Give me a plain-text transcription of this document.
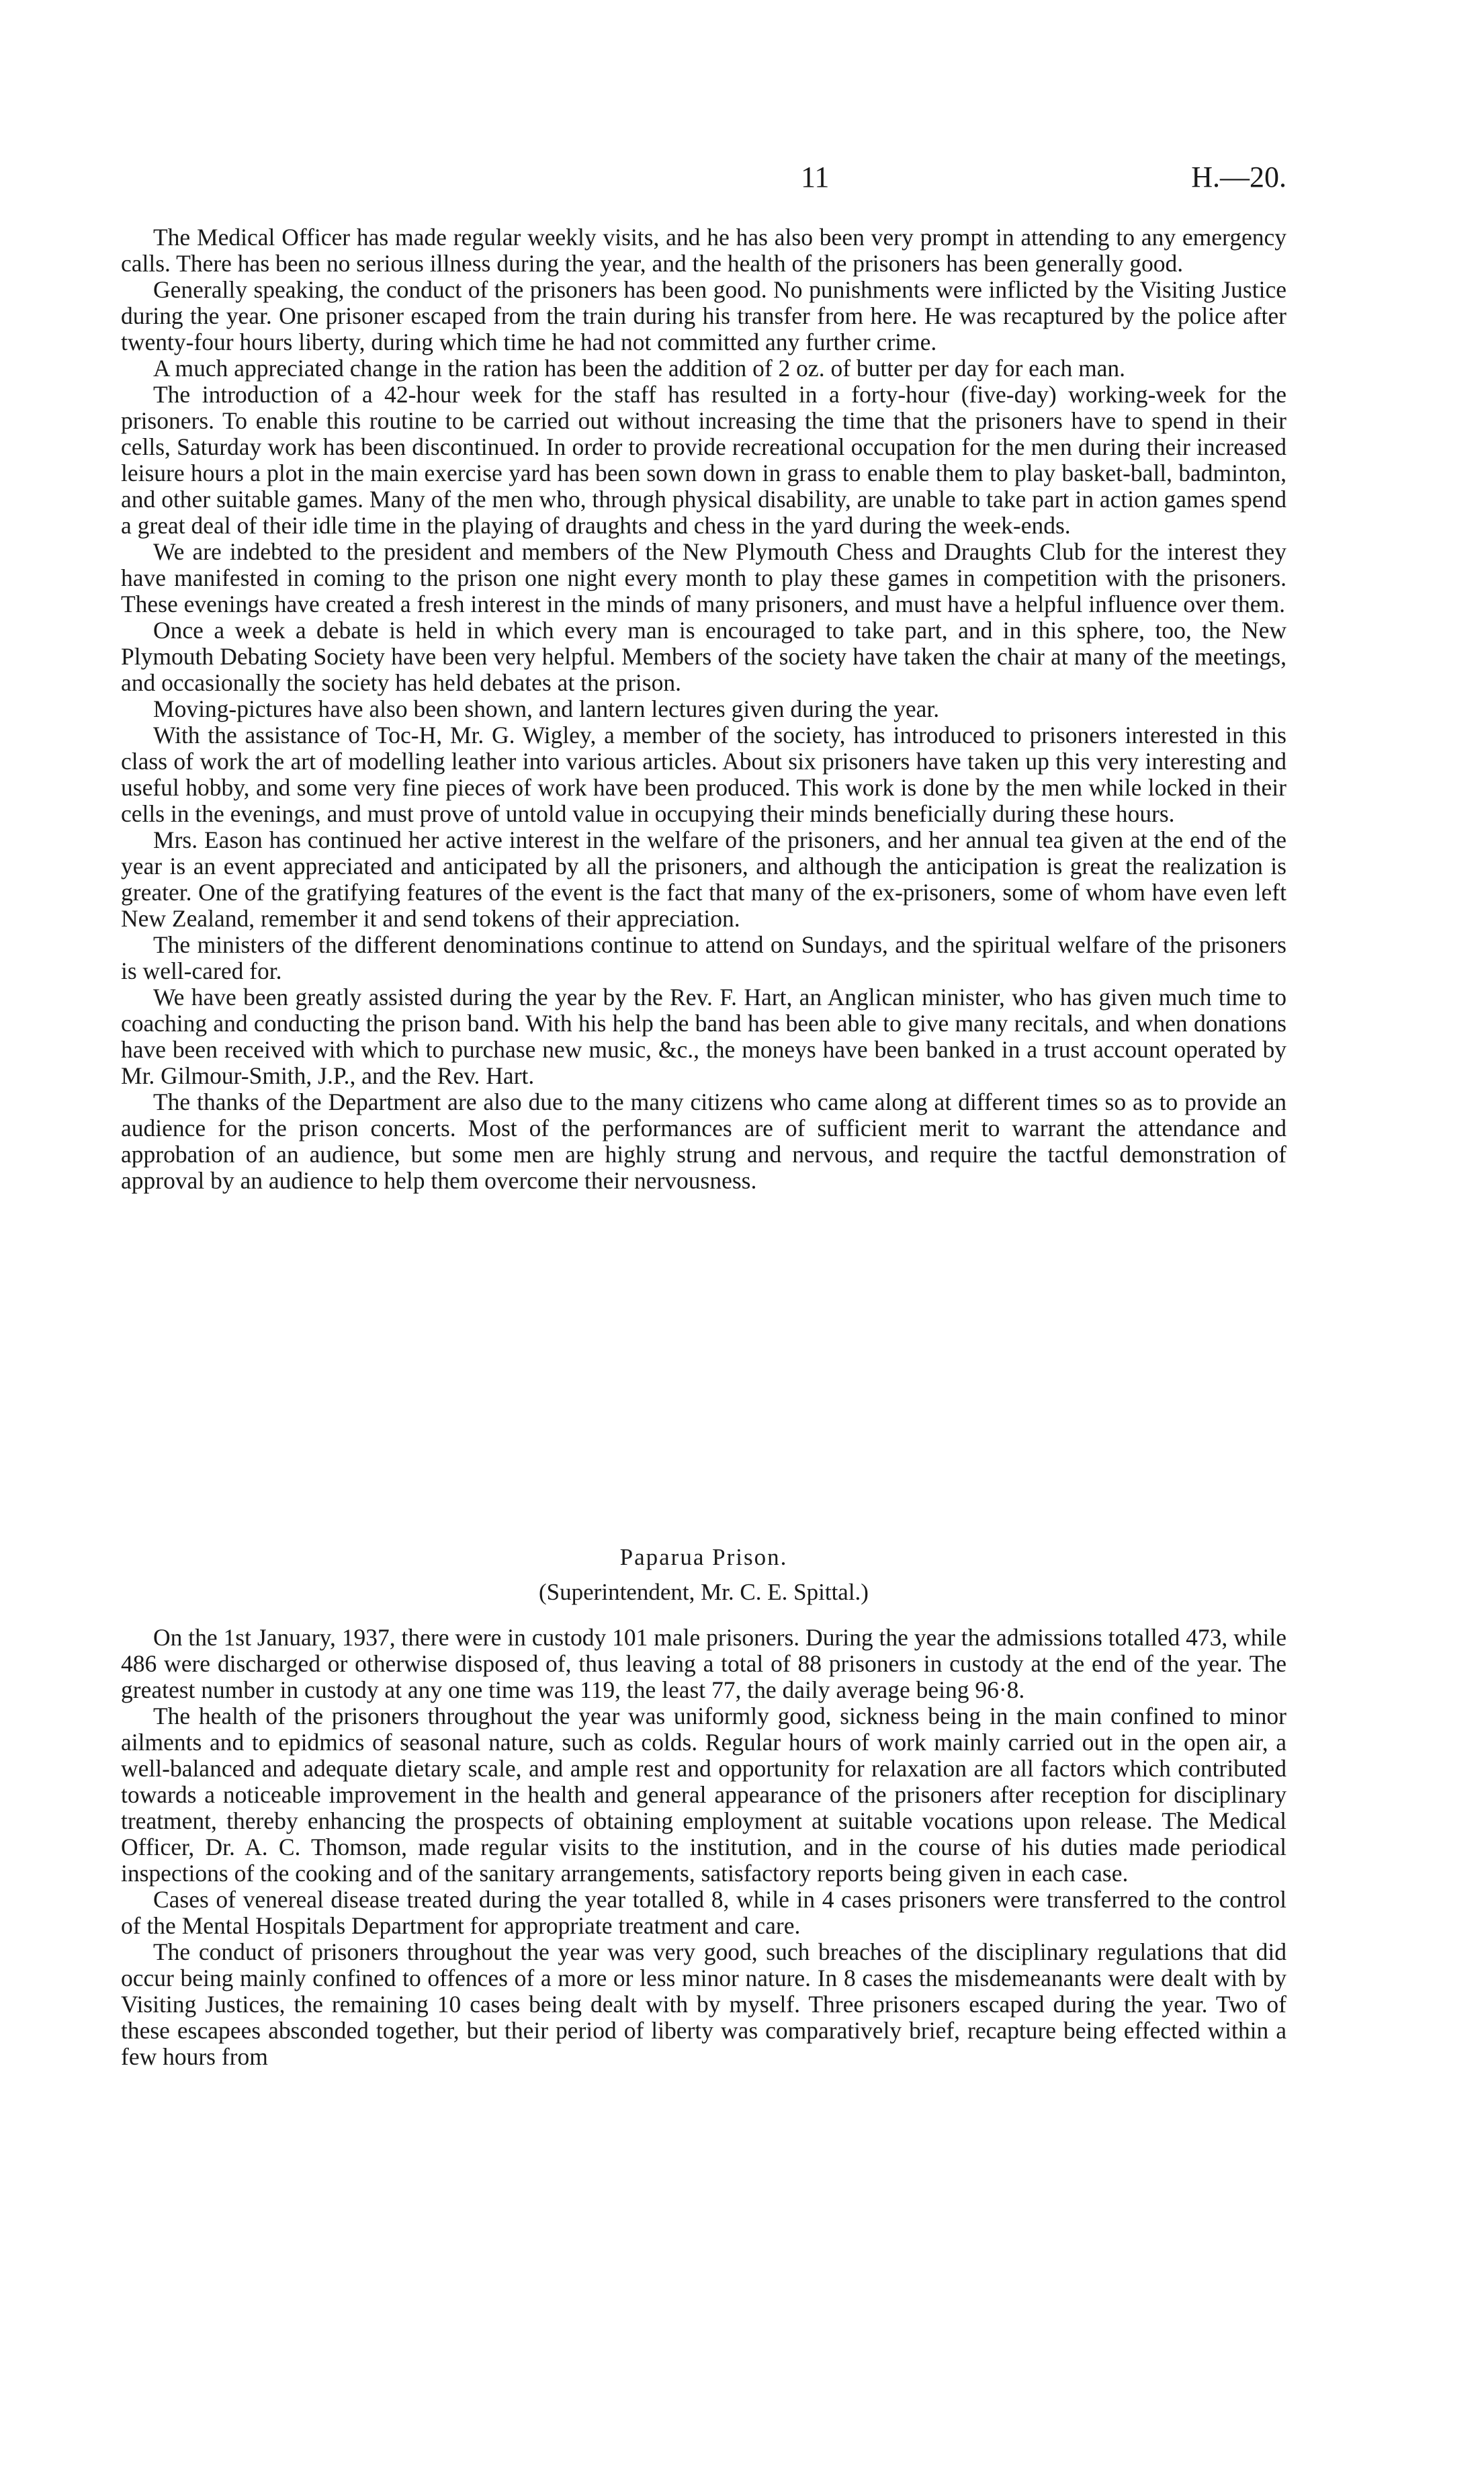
11	H.—20.

The Medical Officer has made regular weekly visits, and he has also been very prompt in attending to any emergency calls. There has been no serious illness during the year, and the health of the prisoners has been generally good.

Generally speaking, the conduct of the prisoners has been good. No punishments were inflicted by the Visiting Justice during the year. One prisoner escaped from the train during his transfer from here. He was recaptured by the police after twenty-four hours liberty, during which time he had not committed any further crime.

A much appreciated change in the ration has been the addition of 2 oz. of butter per day for each man.

The introduction of a 42-hour week for the staff has resulted in a forty-hour (five-day) working-week for the prisoners. To enable this routine to be carried out without increasing the time that the prisoners have to spend in their cells, Saturday work has been discontinued. In order to provide recreational occupation for the men during their increased leisure hours a plot in the main exercise yard has been sown down in grass to enable them to play basket-ball, badminton, and other suitable games. Many of the men who, through physical disability, are unable to take part in action games spend a great deal of their idle time in the playing of draughts and chess in the yard during the week-ends.

We are indebted to the president and members of the New Plymouth Chess and Draughts Club for the interest they have manifested in coming to the prison one night every month to play these games in competition with the prisoners. These evenings have created a fresh interest in the minds of many prisoners, and must have a helpful influence over them.

Once a week a debate is held in which every man is encouraged to take part, and in this sphere, too, the New Plymouth Debating Society have been very helpful. Members of the society have taken the chair at many of the meetings, and occasionally the society has held debates at the prison.

Moving-pictures have also been shown, and lantern lectures given during the year.

With the assistance of Toc-H, Mr. G. Wigley, a member of the society, has introduced to prisoners interested in this class of work the art of modelling leather into various articles. About six prisoners have taken up this very interesting and useful hobby, and some very fine pieces of work have been produced. This work is done by the men while locked in their cells in the evenings, and must prove of untold value in occupying their minds beneficially during these hours.

Mrs. Eason has continued her active interest in the welfare of the prisoners, and her annual tea given at the end of the year is an event appreciated and anticipated by all the prisoners, and although the anticipation is great the realization is greater. One of the gratifying features of the event is the fact that many of the ex-prisoners, some of whom have even left New Zealand, remember it and send tokens of their appreciation.

The ministers of the different denominations continue to attend on Sundays, and the spiritual welfare of the prisoners is well-cared for.

We have been greatly assisted during the year by the Rev. F. Hart, an Anglican minister, who has given much time to coaching and conducting the prison band. With his help the band has been able to give many recitals, and when donations have been received with which to purchase new music, &c., the moneys have been banked in a trust account operated by Mr. Gilmour-Smith, J.P., and the Rev. Hart.

The thanks of the Department are also due to the many citizens who came along at different times so as to provide an audience for the prison concerts. Most of the performances are of sufficient merit to warrant the attendance and approbation of an audience, but some men are highly strung and nervous, and require the tactful demonstration of approval by an audience to help them overcome their nervousness.

Paparua Prison.
(Superintendent, Mr. C. E. Spittal.)

On the 1st January, 1937, there were in custody 101 male prisoners. During the year the admissions totalled 473, while 486 were discharged or otherwise disposed of, thus leaving a total of 88 prisoners in custody at the end of the year. The greatest number in custody at any one time was 119, the least 77, the daily average being 96·8.

The health of the prisoners throughout the year was uniformly good, sickness being in the main confined to minor ailments and to epidmics of seasonal nature, such as colds. Regular hours of work mainly carried out in the open air, a well-balanced and adequate dietary scale, and ample rest and opportunity for relaxation are all factors which contributed towards a noticeable improvement in the health and general appearance of the prisoners after reception for disciplinary treatment, thereby enhancing the prospects of obtaining employment at suitable vocations upon release. The Medical Officer, Dr. A. C. Thomson, made regular visits to the institution, and in the course of his duties made periodical inspections of the cooking and of the sanitary arrangements, satisfactory reports being given in each case.

Cases of venereal disease treated during the year totalled 8, while in 4 cases prisoners were transferred to the control of the Mental Hospitals Department for appropriate treatment and care.

The conduct of prisoners throughout the year was very good, such breaches of the disciplinary regulations that did occur being mainly confined to offences of a more or less minor nature. In 8 cases the misdemeanants were dealt with by Visiting Justices, the remaining 10 cases being dealt with by myself. Three prisoners escaped during the year. Two of these escapees absconded together, but their period of liberty was comparatively brief, recapture being effected within a few hours from
